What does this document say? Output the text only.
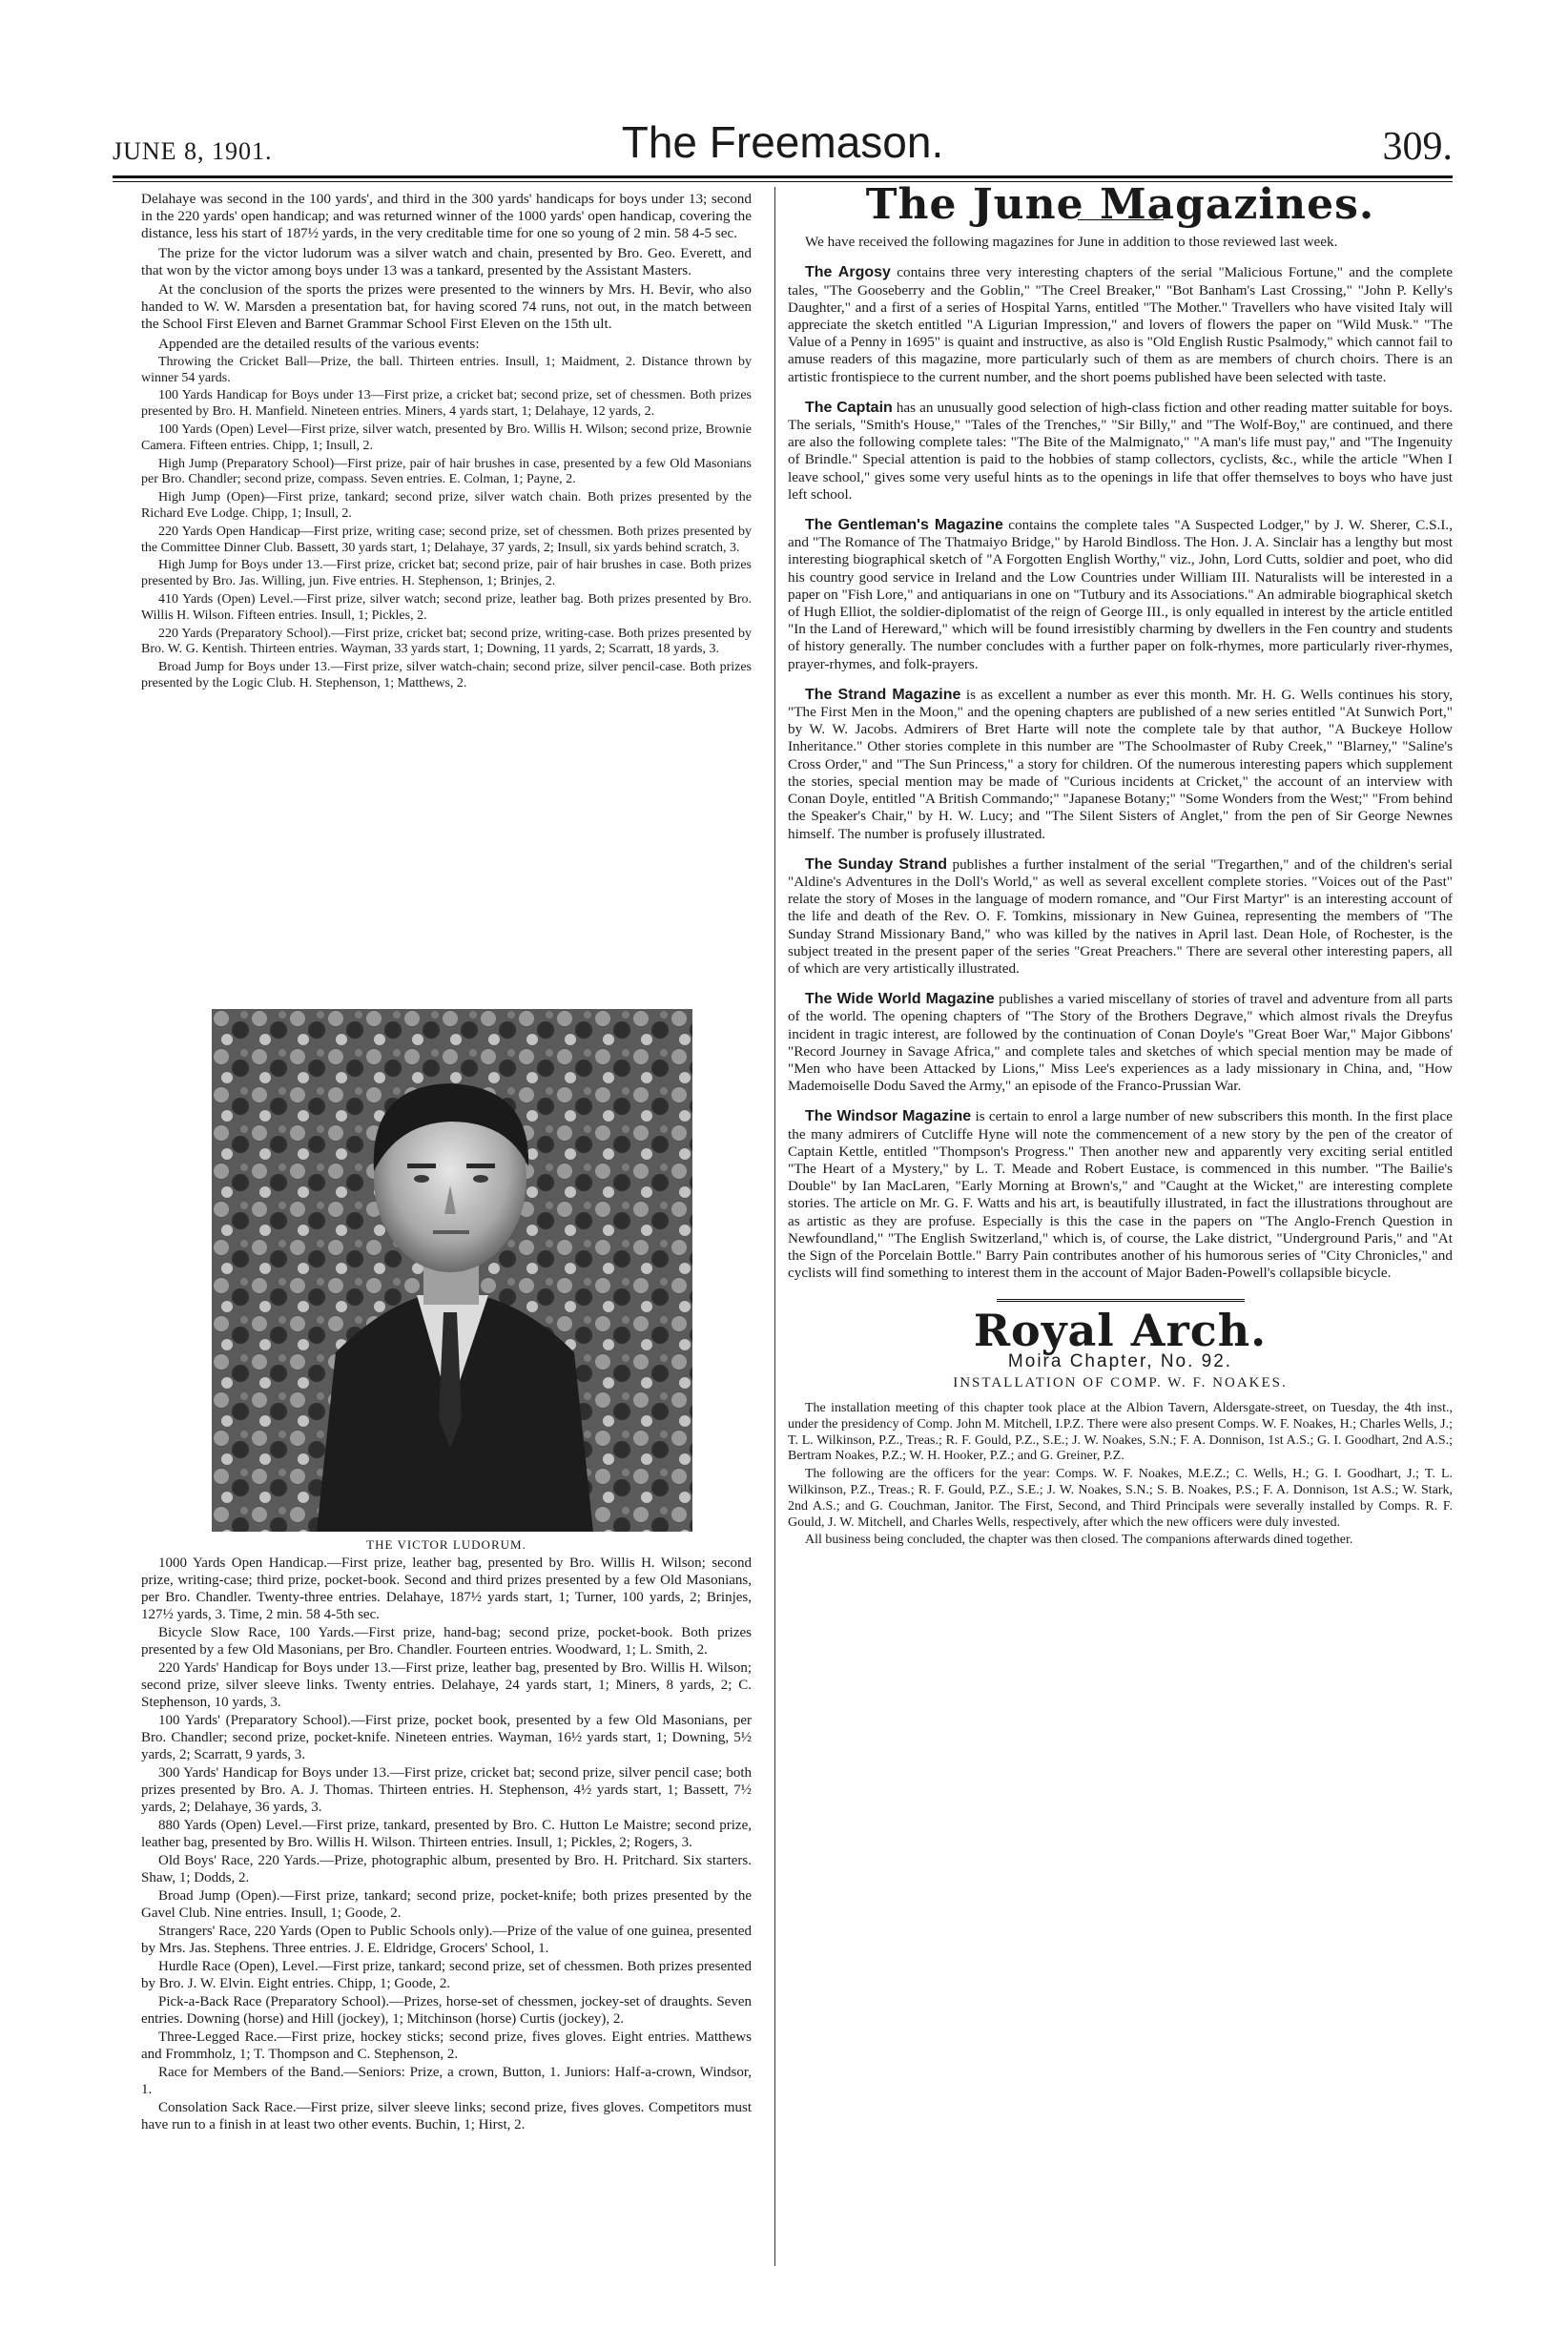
JUNE 8, 1901.	The Freemason.	309.

Delahaye was second in the 100 yards', and third in the 300 yards' handicaps for boys under 13; second in the 220 yards' open handicap; and was returned winner of the 1000 yards' open handicap, covering the distance, less his start of 187½ yards, in the very creditable time for one so young of 2 min. 58 4-5 sec.

The prize for the victor ludorum was a silver watch and chain, presented by Bro. Geo. Everett, and that won by the victor among boys under 13 was a tankard, presented by the Assistant Masters.

At the conclusion of the sports the prizes were presented to the winners by Mrs. H. Bevir, who also handed to W. W. Marsden a presentation bat, for having scored 74 runs, not out, in the match between the School First Eleven and Barnet Grammar School First Eleven on the 15th ult.

Appended are the detailed results of the various events:

Throwing the Cricket Ball—Prize, the ball. Thirteen entries. Insull, 1; Maidment, 2. Distance thrown by winner 54 yards.

100 Yards Handicap for Boys under 13—First prize, a cricket bat; second prize, set of chessmen. Both prizes presented by Bro. H. Manfield. Nineteen entries. Miners, 4 yards start, 1; Delahaye, 12 yards, 2.

100 Yards (Open) Level—First prize, silver watch, presented by Bro. Willis H. Wilson; second prize, Brownie Camera. Fifteen entries. Chipp, 1; Insull, 2.

High Jump (Preparatory School)—First prize, pair of hair brushes in case, presented by a few Old Masonians per Bro. Chandler; second prize, compass. Seven entries. E. Colman, 1; Payne, 2.

High Jump (Open)—First prize, tankard; second prize, silver watch chain. Both prizes presented by the Richard Eve Lodge. Chipp, 1; Insull, 2.

220 Yards Open Handicap—First prize, writing case; second prize, set of chessmen. Both prizes presented by the Committee Dinner Club. Bassett, 30 yards start, 1; Delahaye, 37 yards, 2; Insull, six yards behind scratch, 3.

High Jump for Boys under 13.—First prize, cricket bat; second prize, pair of hair brushes in case. Both prizes presented by Bro. Jas. Willing, jun. Five entries. H. Stephenson, 1; Brinjes, 2.

410 Yards (Open) Level.—First prize, silver watch; second prize, leather bag. Both prizes presented by Bro. Willis H. Wilson. Fifteen entries. Insull, 1; Pickles, 2.

220 Yards (Preparatory School).—First prize, cricket bat; second prize, writing-case. Both prizes presented by Bro. W. G. Kentish. Thirteen entries. Wayman, 33 yards start, 1; Downing, 11 yards, 2; Scarratt, 18 yards, 3.

Broad Jump for Boys under 13.—First prize, silver watch-chain; second prize, silver pencil-case. Both prizes presented by the Logic Club. H. Stephenson, 1; Matthews, 2.

THE VICTOR LUDORUM.

1000 Yards Open Handicap.—First prize, leather bag, presented by Bro. Willis H. Wilson; second prize, writing-case; third prize, pocket-book. Second and third prizes presented by a few Old Masonians, per Bro. Chandler. Twenty-three entries. Delahaye, 187½ yards start, 1; Turner, 100 yards, 2; Brinjes, 127½ yards, 3. Time, 2 min. 58 4-5th sec.

Bicycle Slow Race, 100 Yards.—First prize, hand-bag; second prize, pocket-book. Both prizes presented by a few Old Masonians, per Bro. Chandler. Fourteen entries. Woodward, 1; L. Smith, 2.

220 Yards' Handicap for Boys under 13.—First prize, leather bag, presented by Bro. Willis H. Wilson; second prize, silver sleeve links. Twenty entries. Delahaye, 24 yards start, 1; Miners, 8 yards, 2; C. Stephenson, 10 yards, 3.

100 Yards' (Preparatory School).—First prize, pocket book, presented by a few Old Masonians, per Bro. Chandler; second prize, pocket-knife. Nineteen entries. Wayman, 16½ yards start, 1; Downing, 5½ yards, 2; Scarratt, 9 yards, 3.

300 Yards' Handicap for Boys under 13.—First prize, cricket bat; second prize, silver pencil case; both prizes presented by Bro. A. J. Thomas. Thirteen entries. H. Stephenson, 4½ yards start, 1; Bassett, 7½ yards, 2; Delahaye, 36 yards, 3.

880 Yards (Open) Level.—First prize, tankard, presented by Bro. C. Hutton Le Maistre; second prize, leather bag, presented by Bro. Willis H. Wilson. Thirteen entries. Insull, 1; Pickles, 2; Rogers, 3.

Old Boys' Race, 220 Yards.—Prize, photographic album, presented by Bro. H. Pritchard. Six starters. Shaw, 1; Dodds, 2.

Broad Jump (Open).—First prize, tankard; second prize, pocket-knife; both prizes presented by the Gavel Club. Nine entries. Insull, 1; Goode, 2.

Strangers' Race, 220 Yards (Open to Public Schools only).—Prize of the value of one guinea, presented by Mrs. Jas. Stephens. Three entries. J. E. Eldridge, Grocers' School, 1.

Hurdle Race (Open), Level.—First prize, tankard; second prize, set of chessmen. Both prizes presented by Bro. J. W. Elvin. Eight entries. Chipp, 1; Goode, 2.

Pick-a-Back Race (Preparatory School).—Prizes, horse-set of chessmen, jockey-set of draughts. Seven entries. Downing (horse) and Hill (jockey), 1; Mitchinson (horse) Curtis (jockey), 2.

Three-Legged Race.—First prize, hockey sticks; second prize, fives gloves. Eight entries. Matthews and Frommholz, 1; T. Thompson and C. Stephenson, 2.

Race for Members of the Band.—Seniors: Prize, a crown, Button, 1. Juniors: Half-a-crown, Windsor, 1.

Consolation Sack Race.—First prize, silver sleeve links; second prize, fives gloves. Competitors must have run to a finish in at least two other events. Buchin, 1; Hirst, 2.

The June Magazines.

We have received the following magazines for June in addition to those reviewed last week.

The Argosy contains three very interesting chapters of the serial "Malicious Fortune," and the complete tales, "The Gooseberry and the Goblin," "The Creel Breaker," "Bot Banham's Last Crossing," "John P. Kelly's Daughter," and a first of a series of Hospital Yarns, entitled "The Mother." Travellers who have visited Italy will appreciate the sketch entitled "A Ligurian Impression," and lovers of flowers the paper on "Wild Musk." "The Value of a Penny in 1695" is quaint and instructive, as also is "Old English Rustic Psalmody," which cannot fail to amuse readers of this magazine, more particularly such of them as are members of church choirs. There is an artistic frontispiece to the current number, and the short poems published have been selected with taste.

The Captain has an unusually good selection of high-class fiction and other reading matter suitable for boys. The serials, "Smith's House," "Tales of the Trenches," "Sir Billy," and "The Wolf-Boy," are continued, and there are also the following complete tales: "The Bite of the Malmignato," "A man's life must pay," and "The Ingenuity of Brindle." Special attention is paid to the hobbies of stamp collectors, cyclists, &c., while the article "When I leave school," gives some very useful hints as to the openings in life that offer themselves to boys who have just left school.

The Gentleman's Magazine contains the complete tales "A Suspected Lodger," by J. W. Sherer, C.S.I., and "The Romance of The Thatmaiyo Bridge," by Harold Bindloss. The Hon. J. A. Sinclair has a lengthy but most interesting biographical sketch of "A Forgotten English Worthy," viz., John, Lord Cutts, soldier and poet, who did his country good service in Ireland and the Low Countries under William III. Naturalists will be interested in a paper on "Fish Lore," and antiquarians in one on "Tutbury and its Associations." An admirable biographical sketch of Hugh Elliot, the soldier-diplomatist of the reign of George III., is only equalled in interest by the article entitled "In the Land of Hereward," which will be found irresistibly charming by dwellers in the Fen country and students of history generally. The number concludes with a further paper on folk-rhymes, more particularly river-rhymes, prayer-rhymes, and folk-prayers.

The Strand Magazine is as excellent a number as ever this month. Mr. H. G. Wells continues his story, "The First Men in the Moon," and the opening chapters are published of a new series entitled "At Sunwich Port," by W. W. Jacobs. Admirers of Bret Harte will note the complete tale by that author, "A Buckeye Hollow Inheritance." Other stories complete in this number are "The Schoolmaster of Ruby Creek," "Blarney," "Saline's Cross Order," and "The Sun Princess," a story for children. Of the numerous interesting papers which supplement the stories, special mention may be made of "Curious incidents at Cricket," the account of an interview with Conan Doyle, entitled "A British Commando;" "Japanese Botany;" "Some Wonders from the West;" "From behind the Speaker's Chair," by H. W. Lucy; and "The Silent Sisters of Anglet," from the pen of Sir George Newnes himself. The number is profusely illustrated.

The Sunday Strand publishes a further instalment of the serial "Tregarthen," and of the children's serial "Aldine's Adventures in the Doll's World," as well as several excellent complete stories. "Voices out of the Past" relate the story of Moses in the language of modern romance, and "Our First Martyr" is an interesting account of the life and death of the Rev. O. F. Tomkins, missionary in New Guinea, representing the members of "The Sunday Strand Missionary Band," who was killed by the natives in April last. Dean Hole, of Rochester, is the subject treated in the present paper of the series "Great Preachers." There are several other interesting papers, all of which are very artistically illustrated.

The Wide World Magazine publishes a varied miscellany of stories of travel and adventure from all parts of the world. The opening chapters of "The Story of the Brothers Degrave," which almost rivals the Dreyfus incident in tragic interest, are followed by the continuation of Conan Doyle's "Great Boer War," Major Gibbons' "Record Journey in Savage Africa," and complete tales and sketches of which special mention may be made of "Men who have been Attacked by Lions," Miss Lee's experiences as a lady missionary in China, and, "How Mademoiselle Dodu Saved the Army," an episode of the Franco-Prussian War.

The Windsor Magazine is certain to enrol a large number of new subscribers this month. In the first place the many admirers of Cutcliffe Hyne will note the commencement of a new story by the pen of the creator of Captain Kettle, entitled "Thompson's Progress." Then another new and apparently very exciting serial entitled "The Heart of a Mystery," by L. T. Meade and Robert Eustace, is commenced in this number. "The Bailie's Double" by Ian MacLaren, "Early Morning at Brown's," and "Caught at the Wicket," are interesting complete stories. The article on Mr. G. F. Watts and his art, is beautifully illustrated, in fact the illustrations throughout are as artistic as they are profuse. Especially is this the case in the papers on "The Anglo-French Question in Newfoundland," "The English Switzerland," which is, of course, the Lake district, "Underground Paris," and "At the Sign of the Porcelain Bottle." Barry Pain contributes another of his humorous series of "City Chronicles," and cyclists will find something to interest them in the account of Major Baden-Powell's collapsible bicycle.

Royal Arch.
Moira Chapter, No. 92.
INSTALLATION OF COMP. W. F. NOAKES.

The installation meeting of this chapter took place at the Albion Tavern, Aldersgate-street, on Tuesday, the 4th inst., under the presidency of Comp. John M. Mitchell, I.P.Z. There were also present Comps. W. F. Noakes, H.; Charles Wells, J.; T. L. Wilkinson, P.Z., Treas.; R. F. Gould, P.Z., S.E.; J. W. Noakes, S.N.; F. A. Donnison, 1st A.S.; G. I. Goodhart, 2nd A.S.; Bertram Noakes, P.Z.; W. H. Hooker, P.Z.; and G. Greiner, P.Z.

The following are the officers for the year: Comps. W. F. Noakes, M.E.Z.; C. Wells, H.; G. I. Goodhart, J.; T. L. Wilkinson, P.Z., Treas.; R. F. Gould, P.Z., S.E.; J. W. Noakes, S.N.; S. B. Noakes, P.S.; F. A. Donnison, 1st A.S.; W. Stark, 2nd A.S.; and G. Couchman, Janitor. The First, Second, and Third Principals were severally installed by Comps. R. F. Gould, J. W. Mitchell, and Charles Wells, respectively, after which the new officers were duly invested.

All business being concluded, the chapter was then closed. The companions afterwards dined together.
